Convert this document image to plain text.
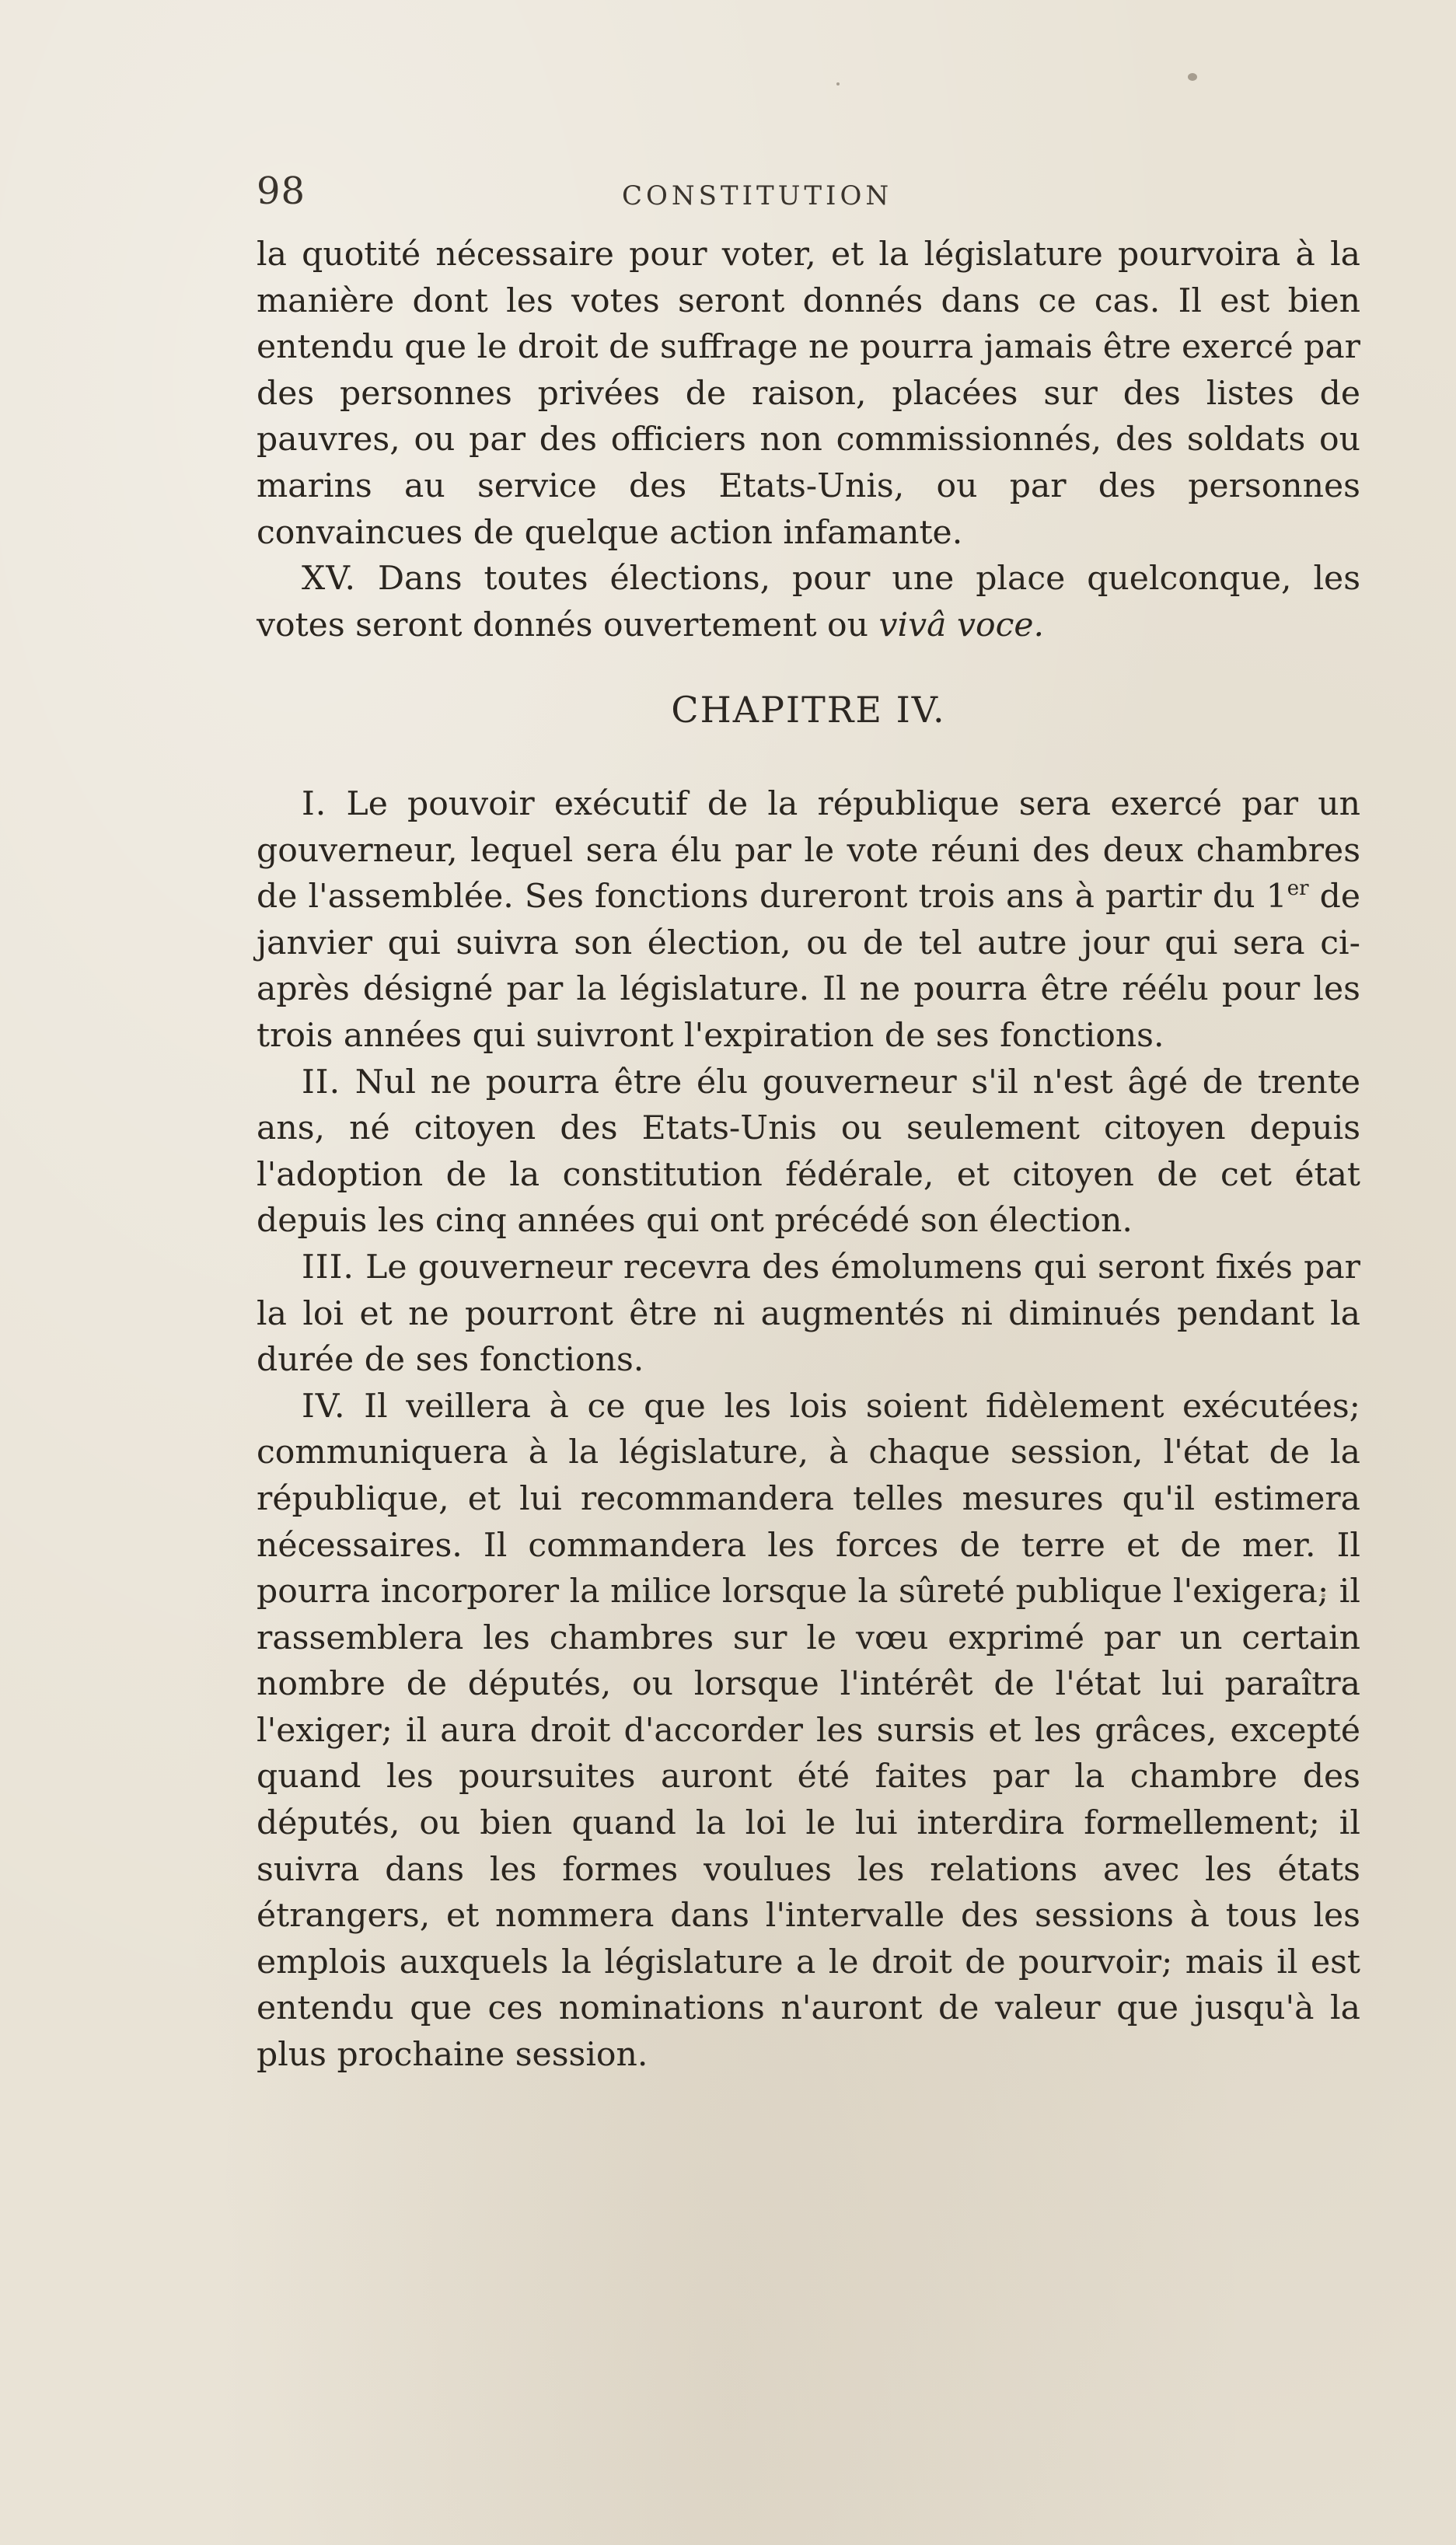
98	CONSTITUTION

la quotité nécessaire pour voter, et la législature pourvoira à la manière dont les votes seront donnés dans ce cas. Il est bien entendu que le droit de suffrage ne pourra jamais être exercé par des personnes privées de raison, placées sur des listes de pauvres, ou par des officiers non commissionnés, des soldats ou marins au service des Etats-Unis, ou par des personnes convaincues de quelque action infamante.

XV. Dans toutes élections, pour une place quelconque, les votes seront donnés ouvertement ou vivâ voce.

CHAPITRE IV.

I. Le pouvoir exécutif de la république sera exercé par un gouverneur, lequel sera élu par le vote réuni des deux chambres de l'assemblée. Ses fonctions dureront trois ans à partir du 1er de janvier qui suivra son élection, ou de tel autre jour qui sera ci-après désigné par la législature. Il ne pourra être réélu pour les trois années qui suivront l'expiration de ses fonctions.

II. Nul ne pourra être élu gouverneur s'il n'est âgé de trente ans, né citoyen des Etats-Unis ou seulement citoyen depuis l'adoption de la constitution fédérale, et citoyen de cet état depuis les cinq années qui ont précédé son élection.

III. Le gouverneur recevra des émolumens qui seront fixés par la loi et ne pourront être ni augmentés ni diminués pendant la durée de ses fonctions.

IV. Il veillera à ce que les lois soient fidèlement exécutées; communiquera à la législature, à chaque session, l'état de la république, et lui recommandera telles mesures qu'il estimera nécessaires. Il commandera les forces de terre et de mer. Il pourra incorporer la milice lorsque la sûreté publique l'exigera; il rassemblera les chambres sur le vœu exprimé par un certain nombre de députés, ou lorsque l'intérêt de l'état lui paraîtra l'exiger; il aura droit d'accorder les sursis et les grâces, excepté quand les poursuites auront été faites par la chambre des députés, ou bien quand la loi le lui interdira formellement; il suivra dans les formes voulues les relations avec les états étrangers, et nommera dans l'intervalle des sessions à tous les emplois auxquels la législature a le droit de pourvoir; mais il est entendu que ces nominations n'auront de valeur que jusqu'à la plus prochaine session.
